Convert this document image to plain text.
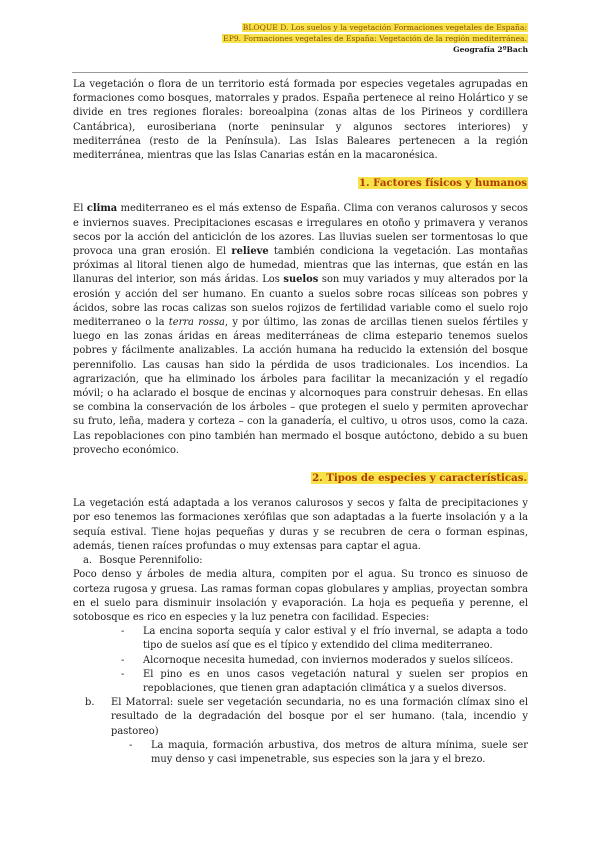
BLOQUE D. Los suelos y la vegetación Formaciones vegetales de España:
EP9. Formaciones vegetales de España: Vegetación de la región mediterránea.
Geografía 2ºBach

La vegetación o flora de un territorio está formada por especies vegetales agrupadas en formaciones como bosques, matorrales y prados. España pertenece al reino Holártico y se divide en tres regiones florales: boreoalpina (zonas altas de los Pirineos y cordillera Cantábrica), eurosiberiana (norte peninsular y algunos sectores interiores) y mediterránea (resto de la Península). Las Islas Baleares pertenecen a la región mediterránea, mientras que las Islas Canarias están en la macaronésica.

1. Factores físicos y humanos

El clima mediterraneo es el más extenso de España. Clima con veranos calurosos y secos e inviernos suaves. Precipitaciones escasas e irregulares en otoño y primavera y veranos secos por la acción del anticiclón de los azores. Las lluvias suelen ser tormentosas lo que provoca una gran erosión. El relieve también condiciona la vegetación. Las montañas próximas al litoral tienen algo de humedad, mientras que las internas, que están en las llanuras del interior, son más áridas. Los suelos son muy variados y muy alterados por la erosión y acción del ser humano. En cuanto a suelos sobre rocas silíceas son pobres y ácidos, sobre las rocas calizas son suelos rojizos de fertilidad variable como el suelo rojo mediterraneo o la terra rossa, y por último, las zonas de arcillas tienen suelos fértiles y luego en las zonas áridas en áreas mediterráneas de clima estepario tenemos suelos pobres y fácilmente analizables. La acción humana ha reducido la extensión del bosque perennifolio. Las causas han sido la pérdida de usos tradicionales. Los incendios. La agrarización, que ha eliminado los árboles para facilitar la mecanización y el regadío móvil; o ha aclarado el bosque de encinas y alcornoques para construir dehesas. En ellas se combina la conservación de los árboles – que protegen el suelo y permiten aprovechar su fruto, leña, madera y corteza – con la ganadería, el cultivo, u otros usos, como la caza. Las repoblaciones con pino también han mermado el bosque autóctono, debido a su buen provecho económico.

2. Tipos de especies y características.

La vegetación está adaptada a los veranos calurosos y secos y falta de precipitaciones y por eso tenemos las formaciones xerófilas que son adaptadas a la fuerte insolación y a la sequía estival. Tiene hojas pequeñas y duras y se recubren de cera o forman espinas, además, tienen raíces profundas o muy extensas para captar el agua.

a. Bosque Perennifolio:

Poco denso y árboles de media altura, compiten por el agua. Su tronco es sinuoso de corteza rugosa y gruesa. Las ramas forman copas globulares y amplias, proyectan sombra en el suelo para disminuir insolación y evaporación. La hoja es pequeña y perenne, el sotobosque es rico en especies y la luz penetra con facilidad. Especies:

- La encina soporta sequía y calor estival y el frío invernal, se adapta a todo tipo de suelos así que es el típico y extendido del clima mediterraneo.
- Alcornoque necesita humedad, con inviernos moderados y suelos silíceos.
- El pino es en unos casos vegetación natural y suelen ser propios en repoblaciones, que tienen gran adaptación climática y a suelos diversos.
b. El Matorral: suele ser vegetación secundaria, no es una formación clímax sino el resultado de la degradación del bosque por el ser humano. (tala, incendio y pastoreo)
- La maquia, formación arbustiva, dos metros de altura mínima, suele ser muy denso y casi impenetrable, sus especies son la jara y el brezo.
